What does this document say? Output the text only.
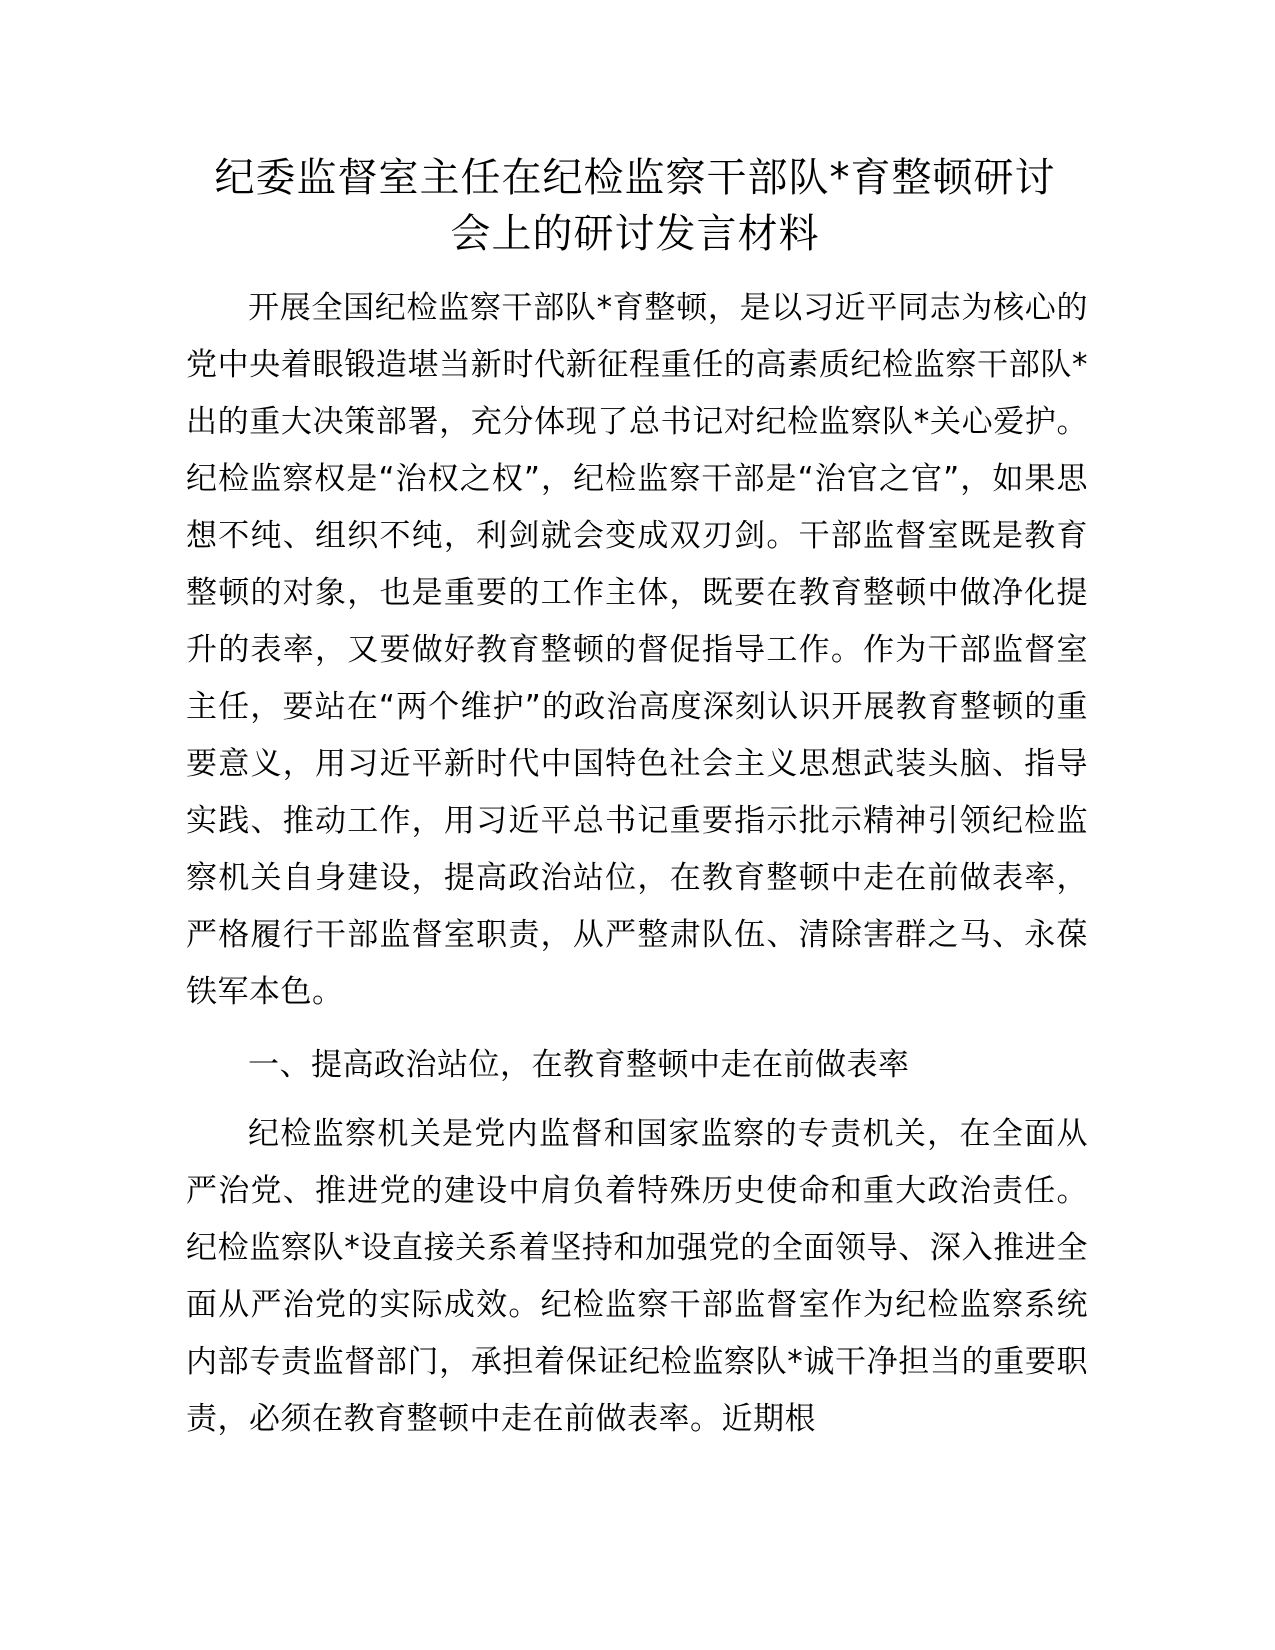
纪委监督室主任在纪检监察干部队*育整顿研讨
会上的研讨发言材料

开展全国纪检监察干部队*育整顿，是以习近平同志为核心的党中央着眼锻造堪当新时代新征程重任的高素质纪检监察干部队*出的重大决策部署，充分体现了总书记对纪检监察队*关心爱护。纪检监察权是“治权之权”，纪检监察干部是“治官之官”，如果思想不纯、组织不纯，利剑就会变成双刃剑。干部监督室既是教育整顿的对象，也是重要的工作主体，既要在教育整顿中做净化提升的表率，又要做好教育整顿的督促指导工作。作为干部监督室主任，要站在“两个维护”的政治高度深刻认识开展教育整顿的重要意义，用习近平新时代中国特色社会主义思想武装头脑、指导实践、推动工作，用习近平总书记重要指示批示精神引领纪检监察机关自身建设，提高政治站位，在教育整顿中走在前做表率，严格履行干部监督室职责，从严整肃队伍、清除害群之马、永葆铁军本色。

一、提高政治站位，在教育整顿中走在前做表率

纪检监察机关是党内监督和国家监察的专责机关，在全面从严治党、推进党的建设中肩负着特殊历史使命和重大政治责任。纪检监察队*设直接关系着坚持和加强党的全面领导、深入推进全面从严治党的实际成效。纪检监察干部监督室作为纪检监察系统内部专责监督部门，承担着保证纪检监察队*诚干净担当的重要职责，必须在教育整顿中走在前做表率。近期根
